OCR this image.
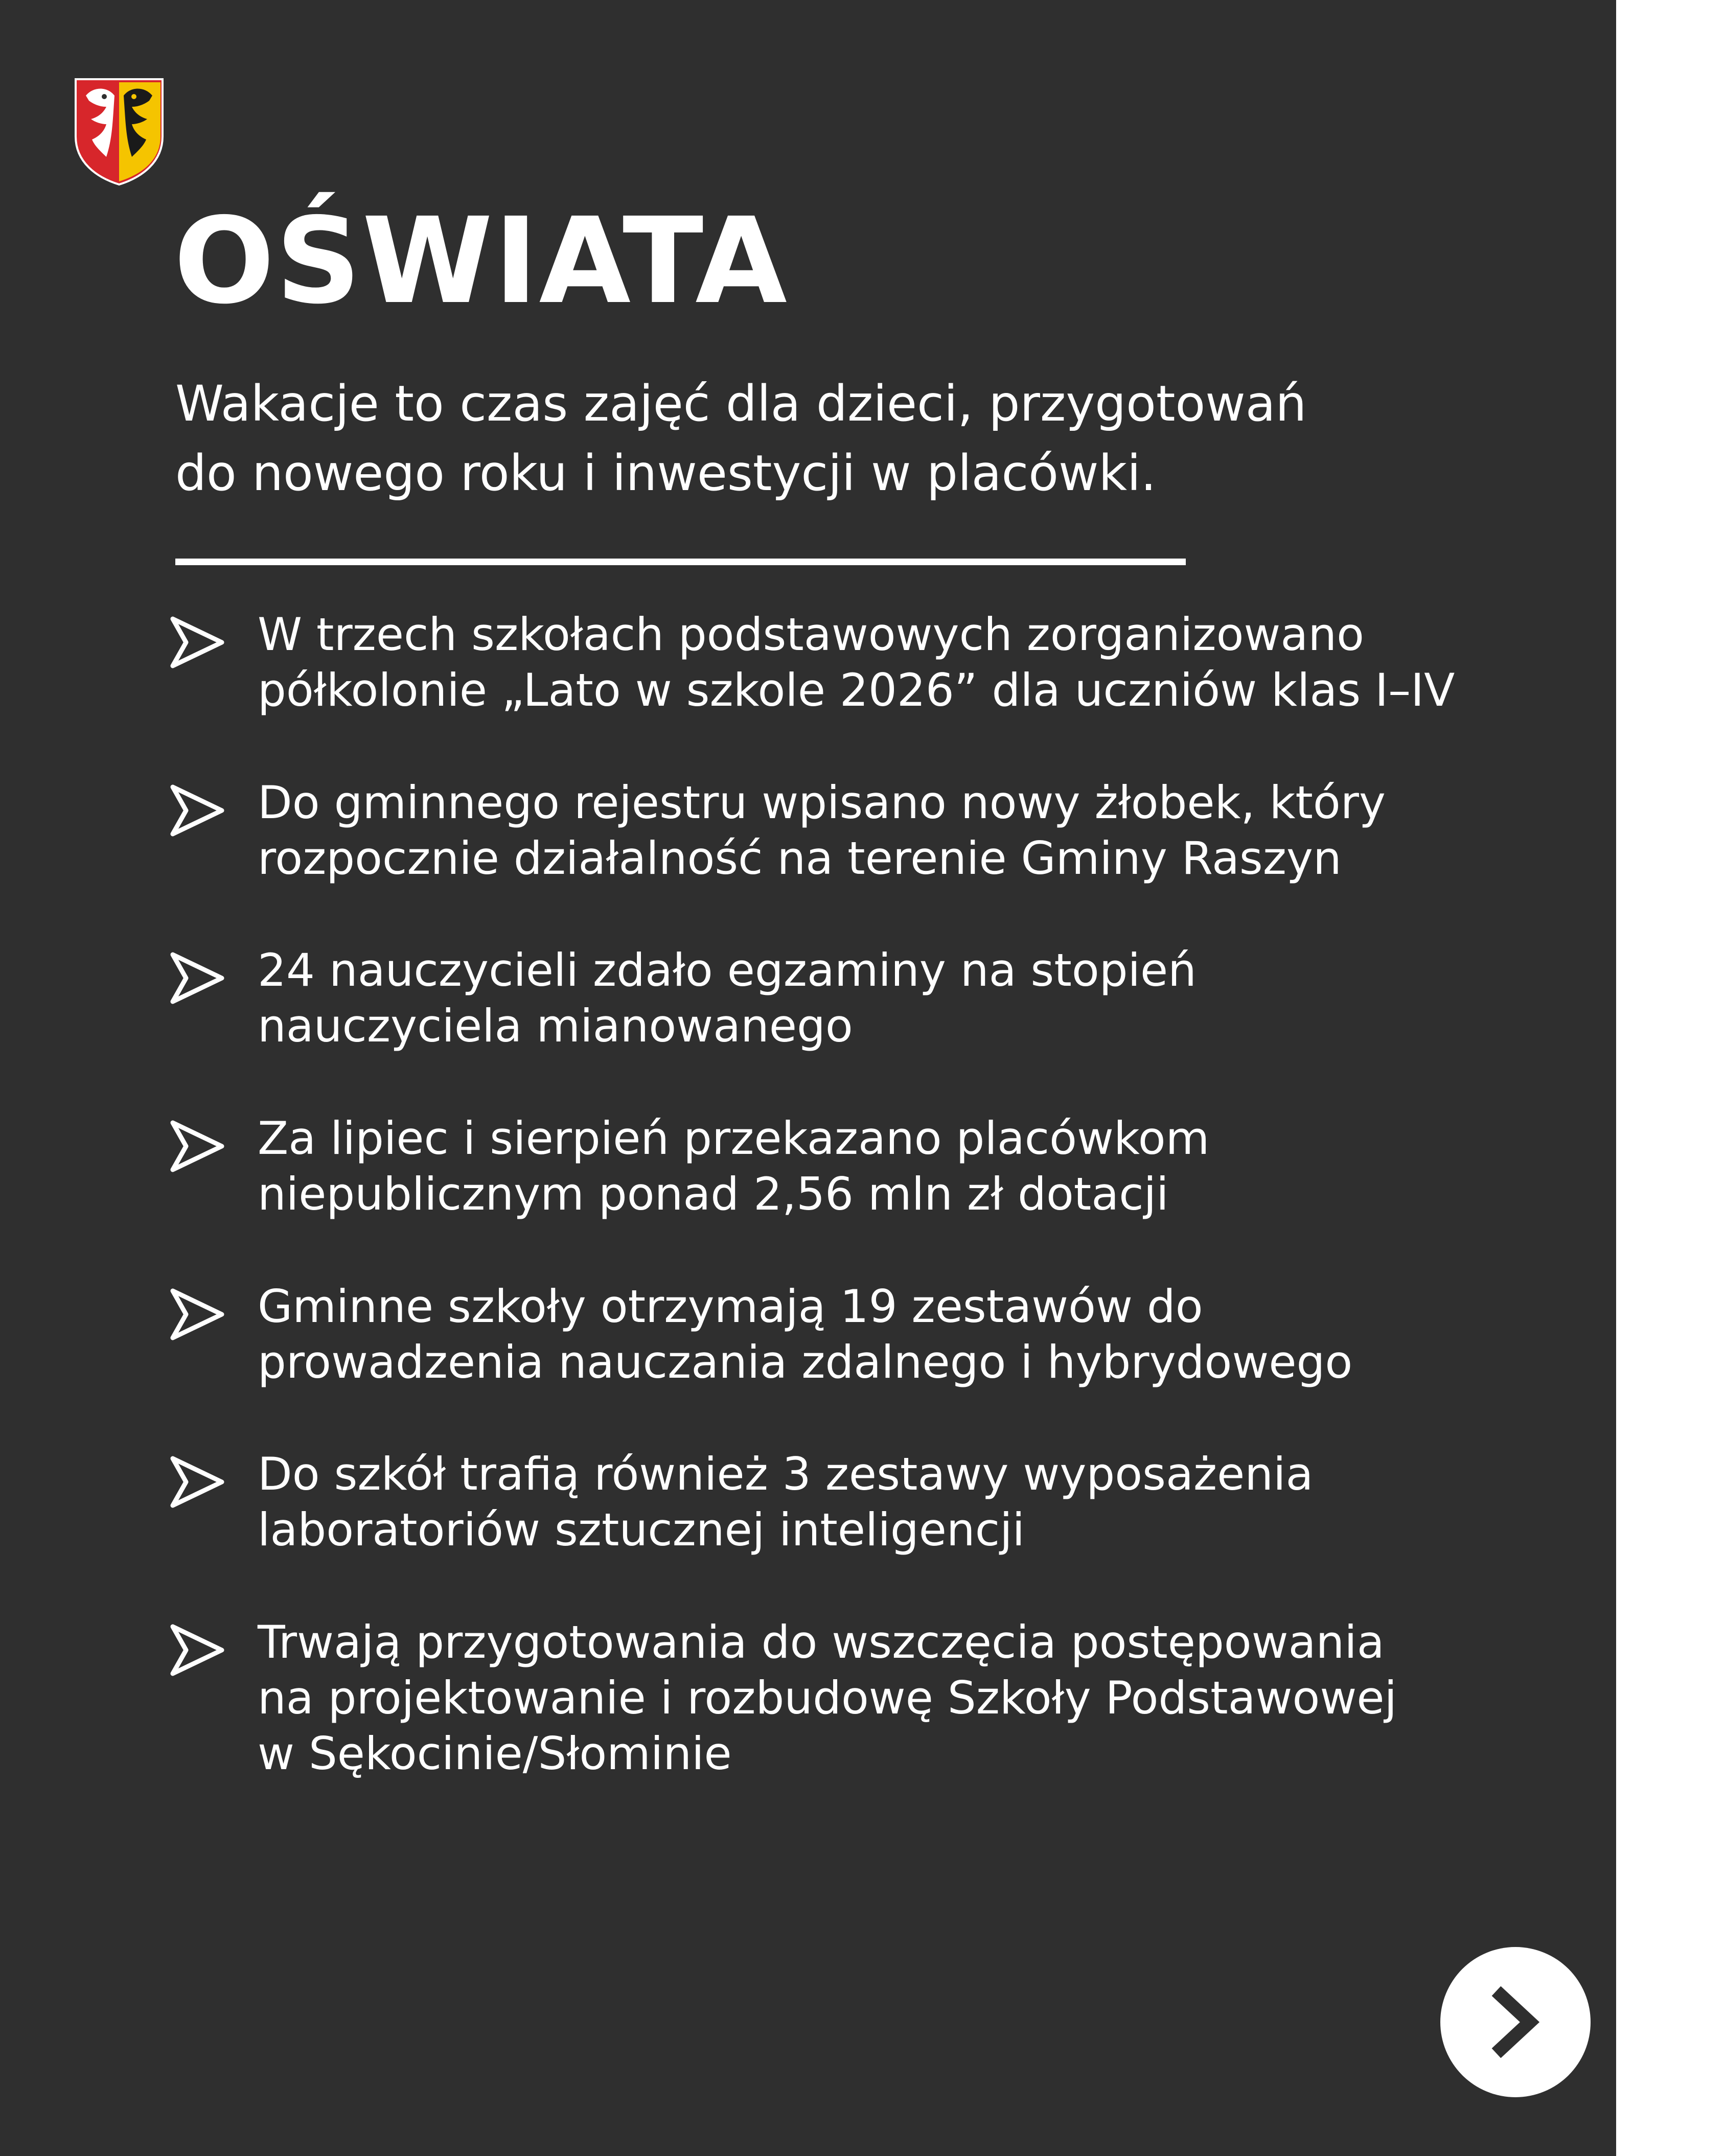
OŚWIATA

Wakacje to czas zajęć dla dzieci, przygotowań
do nowego roku i inwestycji w placówki.

W trzech szkołach podstawowych zorganizowano
półkolonie „Lato w szkole 2026” dla uczniów klas I–IV
Do gminnego rejestru wpisano nowy żłobek, który
rozpocznie działalność na terenie Gminy Raszyn
24 nauczycieli zdało egzaminy na stopień
nauczyciela mianowanego
Za lipiec i sierpień przekazano placówkom
niepublicznym ponad 2,56 mln zł dotacji
Gminne szkoły otrzymają 19 zestawów do
prowadzenia nauczania zdalnego i hybrydowego
Do szkół trafią również 3 zestawy wyposażenia
laboratoriów sztucznej inteligencji
Trwają przygotowania do wszczęcia postępowania
na projektowanie i rozbudowę Szkoły Podstawowej
w Sękocinie/Słominie
